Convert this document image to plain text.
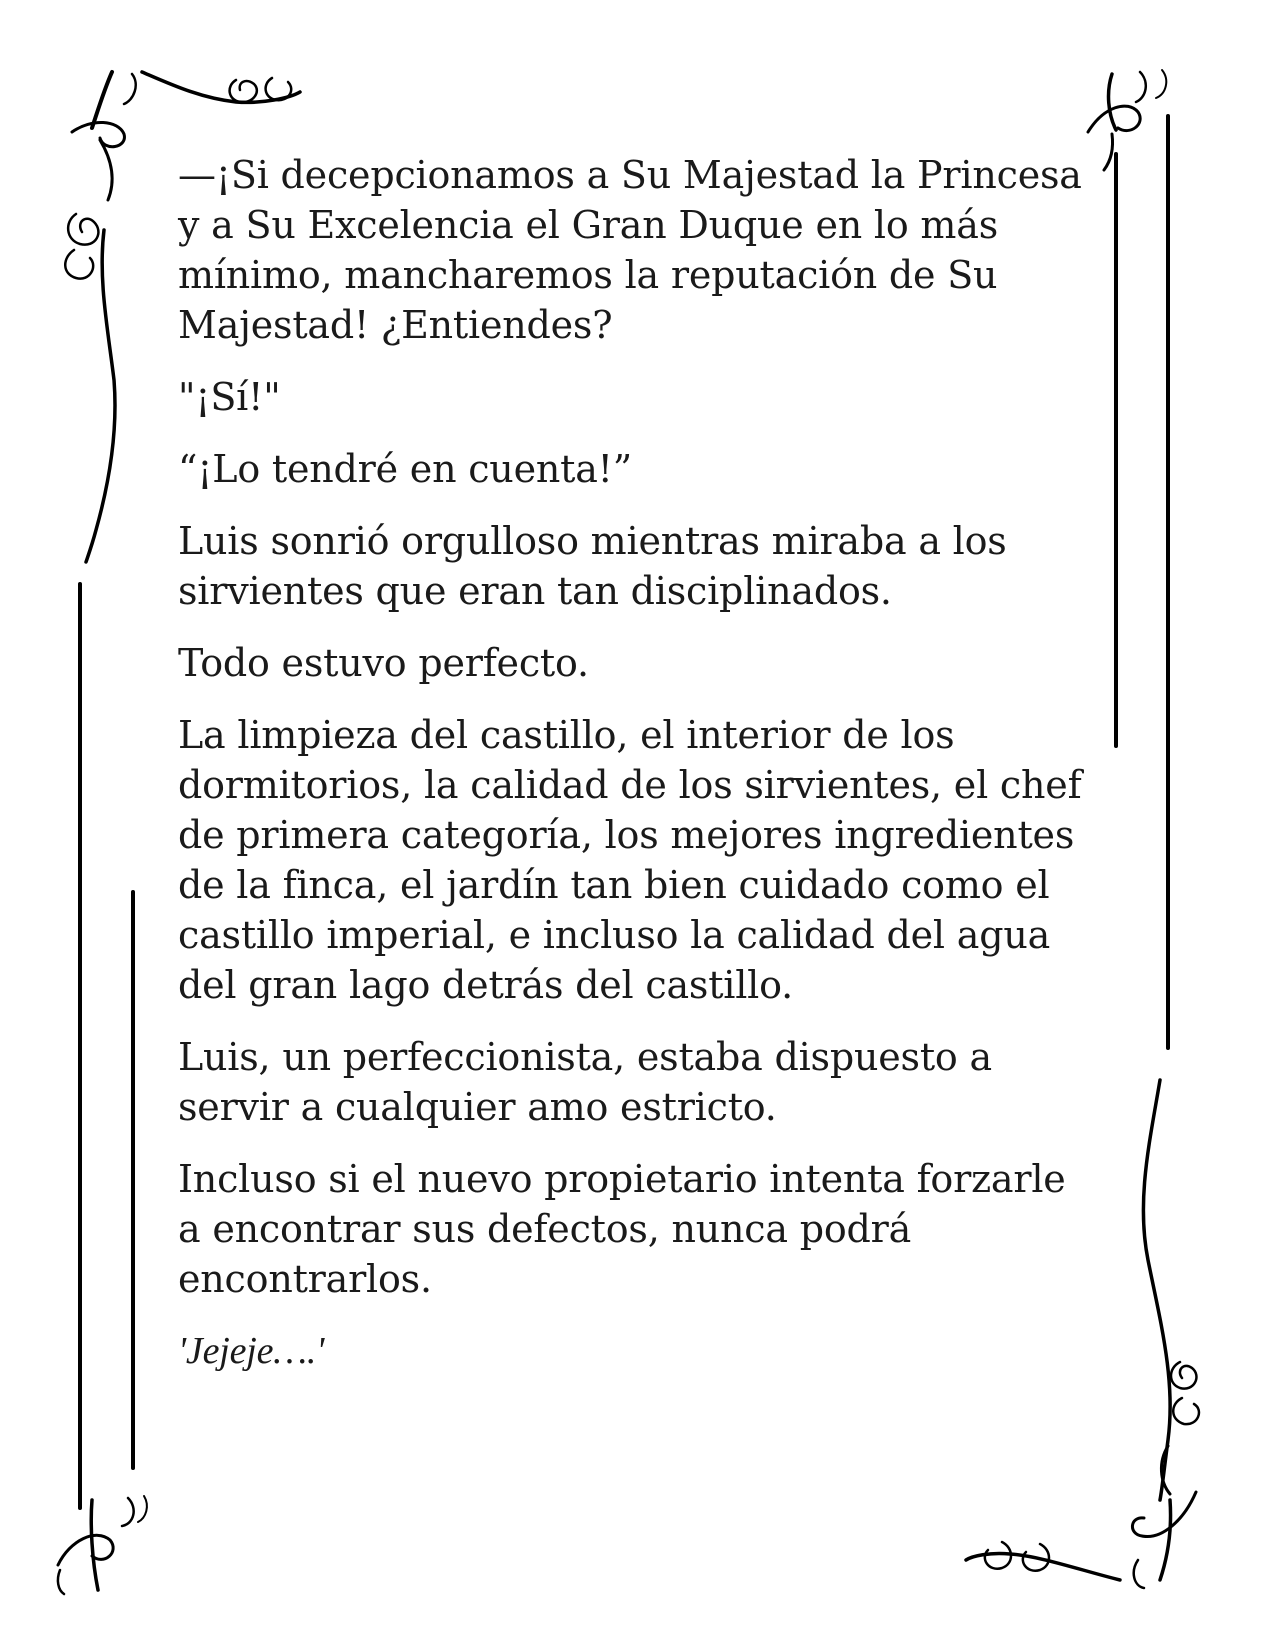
—¡Si decepcionamos a Su Majestad la Princesa y a Su Excelencia el Gran Duque en lo más mínimo, mancharemos la reputación de Su Majestad! ¿Entiendes?

"¡Sí!"

“¡Lo tendré en cuenta!”

Luis sonrió orgulloso mientras miraba a los sirvientes que eran tan disciplinados.

Todo estuvo perfecto.

La limpieza del castillo, el interior de los dormitorios, la calidad de los sirvientes, el chef de primera categoría, los mejores ingredientes de la finca, el jardín tan bien cuidado como el castillo imperial, e incluso la calidad del agua del gran lago detrás del castillo.

Luis, un perfeccionista, estaba dispuesto a servir a cualquier amo estricto.

Incluso si el nuevo propietario intenta forzarle a encontrar sus defectos, nunca podrá encontrarlos.

'Jejeje….'
